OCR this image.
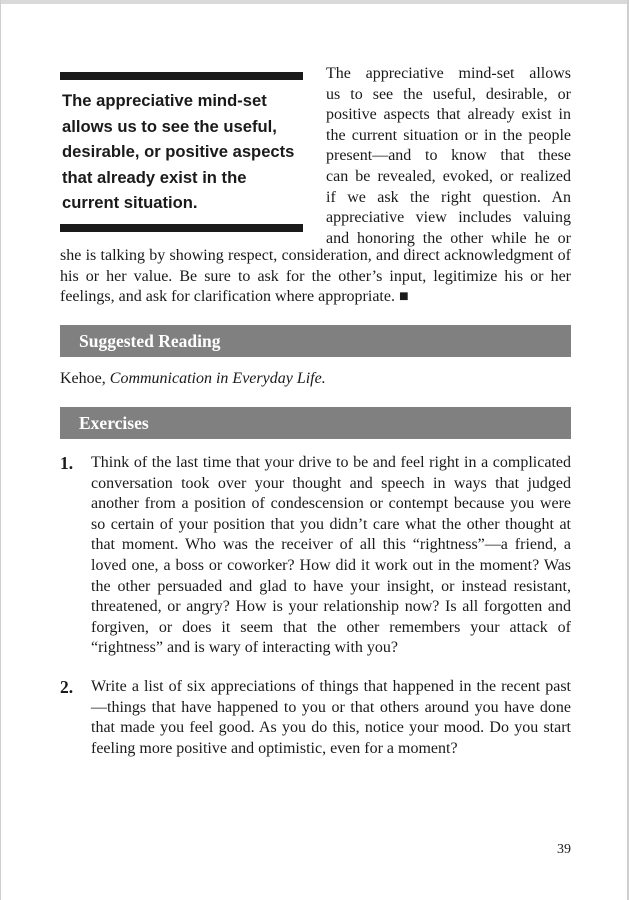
The appreciative mind-set allows us to see the useful, desirable, or positive aspects that already exist in the current situation.
The appreciative mind-set allows
us to see the useful, desirable, or
positive aspects that already exist in
the current situation or in the people
present—and to know that these
can be revealed, evoked, or realized
if we ask the right question. An
appreciative view includes valuing
and honoring the other while he or
she is talking by showing respect, consideration, and direct acknowledgment of his or her value. Be sure to ask for the other’s input, legitimize his or her feelings, and ask for clarification where appropriate. ■
Suggested Reading
Kehoe, Communication in Everyday Life.
Exercises
1. Think of the last time that your drive to be and feel right in a complicated conversation took over your thought and speech in ways that judged another from a position of condescension or contempt because you were so certain of your position that you didn’t care what the other thought at that moment. Who was the receiver of all this “rightness”—a friend, a loved one, a boss or coworker? How did it work out in the moment? Was the other persuaded and glad to have your insight, or instead resistant, threatened, or angry? How is your relationship now? Is all forgotten and forgiven, or does it seem that the other remembers your attack of “rightness” and is wary of interacting with you?
2. Write a list of six appreciations of things that happened in the recent past—things that have happened to you or that others around you have done that made you feel good. As you do this, notice your mood. Do you start feeling more positive and optimistic, even for a moment?
39
